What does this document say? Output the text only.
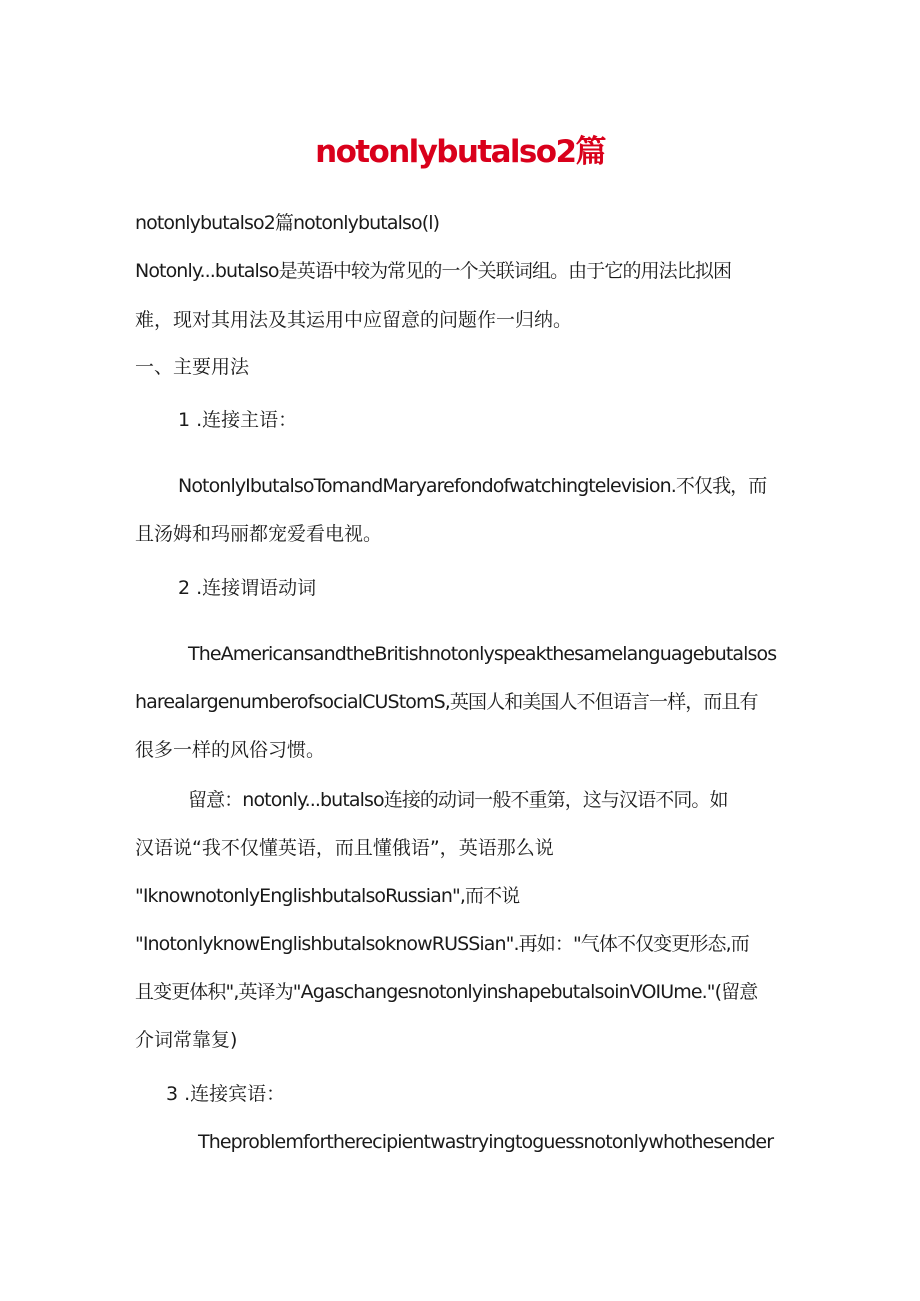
notonlybutalso2篇
notonlybutalso2篇notonlybutalso(l)
Notonly...butalso是英语中较为常见的一个关联词组。由于它的用法比拟困
难，现对其用法及其运用中应留意的问题作一归纳。
一、主要用法
1 .连接主语：
NotonlyIbutalsoTomandMaryarefondofwatchingtelevision.不仅我，而
且汤姆和玛丽都宠爱看电视。
2 .连接谓语动词
TheAmericansandtheBritishnotonlyspeakthesamelanguagebutalsos
harealargenumberofsocialCUStomS,英国人和美国人不但语言一样，而且有
很多一样的风俗习惯。
留意：notonly...butalso连接的动词一般不重第，这与汉语不同。如
汉语说“我不仅懂英语，而且懂俄语”，英语那么说
"IknownotonlyEnglishbutalsoRussian",而不说
"InotonlyknowEnglishbutalsoknowRUSSian".再如："气体不仅变更形态,而
且变更体积",英译为"AgaschangesnotonlyinshapebutalsoinVOIUme."(留意
介词常靠复)
3 .连接宾语：
Theproblemfortherecipientwastryingtoguessnotonlywhothesender
